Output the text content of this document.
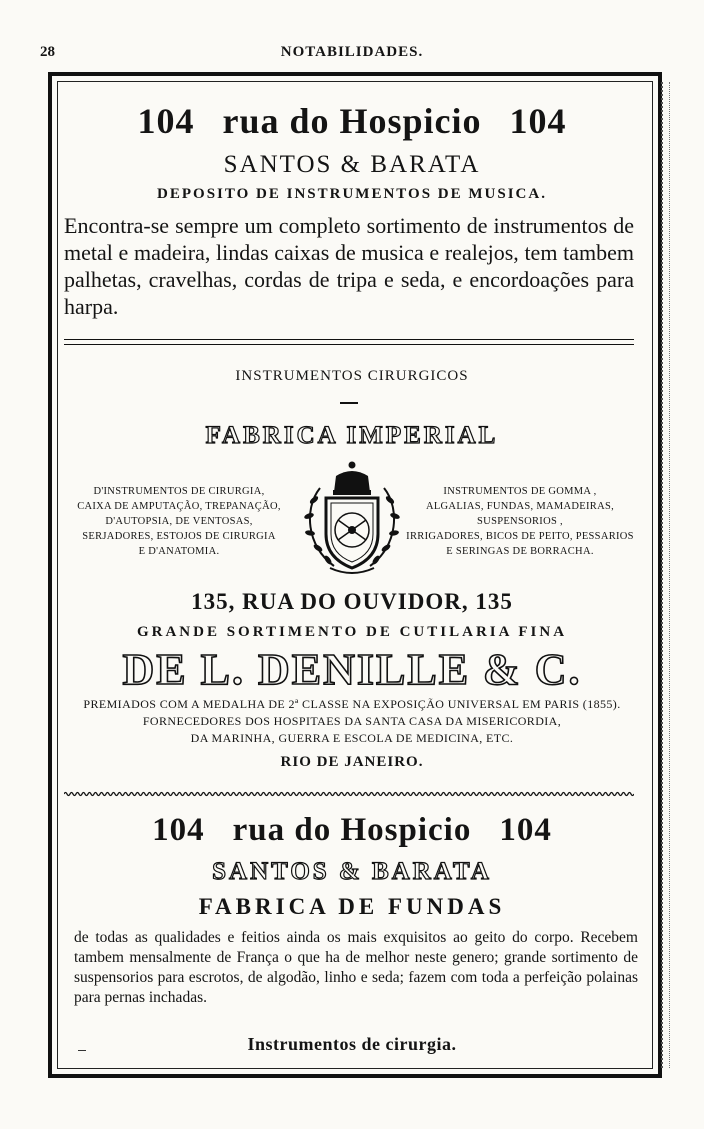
28	NOTABILIDADES.
104 rua do Hospicio 104
SANTOS & BARATA
DEPOSITO DE INSTRUMENTOS DE MUSICA.
Encontra-se sempre um completo sortimento de instrumentos de metal e madeira, lindas caixas de musica e realejos, tem tambem palhetas, cravelhas, cordas de tripa e seda, e encordoações para harpa.
INSTRUMENTOS CIRURGICOS
FABRICA IMPERIAL
D'INSTRUMENTOS DE CIRURGIA,
CAIXA DE AMPUTAÇÃO, TREPANAÇÃO,
D'AUTOPSIA, DE VENTOSAS,
SERJADORES, ESTOJOS DE CIRURGIA
E D'ANATOMIA.
INSTRUMENTOS DE GOMMA ,
ALGALIAS, FUNDAS, MAMADEIRAS,
SUSPENSORIOS ,
IRRIGADORES, BICOS DE PEITO, PESSARIOS
E SERINGAS DE BORRACHA.
135, RUA DO OUVIDOR, 135
GRANDE SORTIMENTO DE CUTILARIA FINA
DE L. DENILLE & C.
PREMIADOS COM A MEDALHA DE 2ª CLASSE NA EXPOSIÇÃO UNIVERSAL EM PARIS (1855).
FORNECEDORES DOS HOSPITAES DA SANTA CASA DA MISERICORDIA,
DA MARINHA, GUERRA E ESCOLA DE MEDICINA, ETC.
RIO DE JANEIRO.
104 rua do Hospicio 104
SANTOS & BARATA
FABRICA DE FUNDAS
de todas as qualidades e feitios ainda os mais exquisitos ao geito do corpo. Recebem tambem mensalmente de França o que ha de melhor neste genero; grande sortimento de suspensorios para escrotos, de algodão, linho e seda; fazem com toda a perfeição polainas para pernas inchadas.
Instrumentos de cirurgia.
